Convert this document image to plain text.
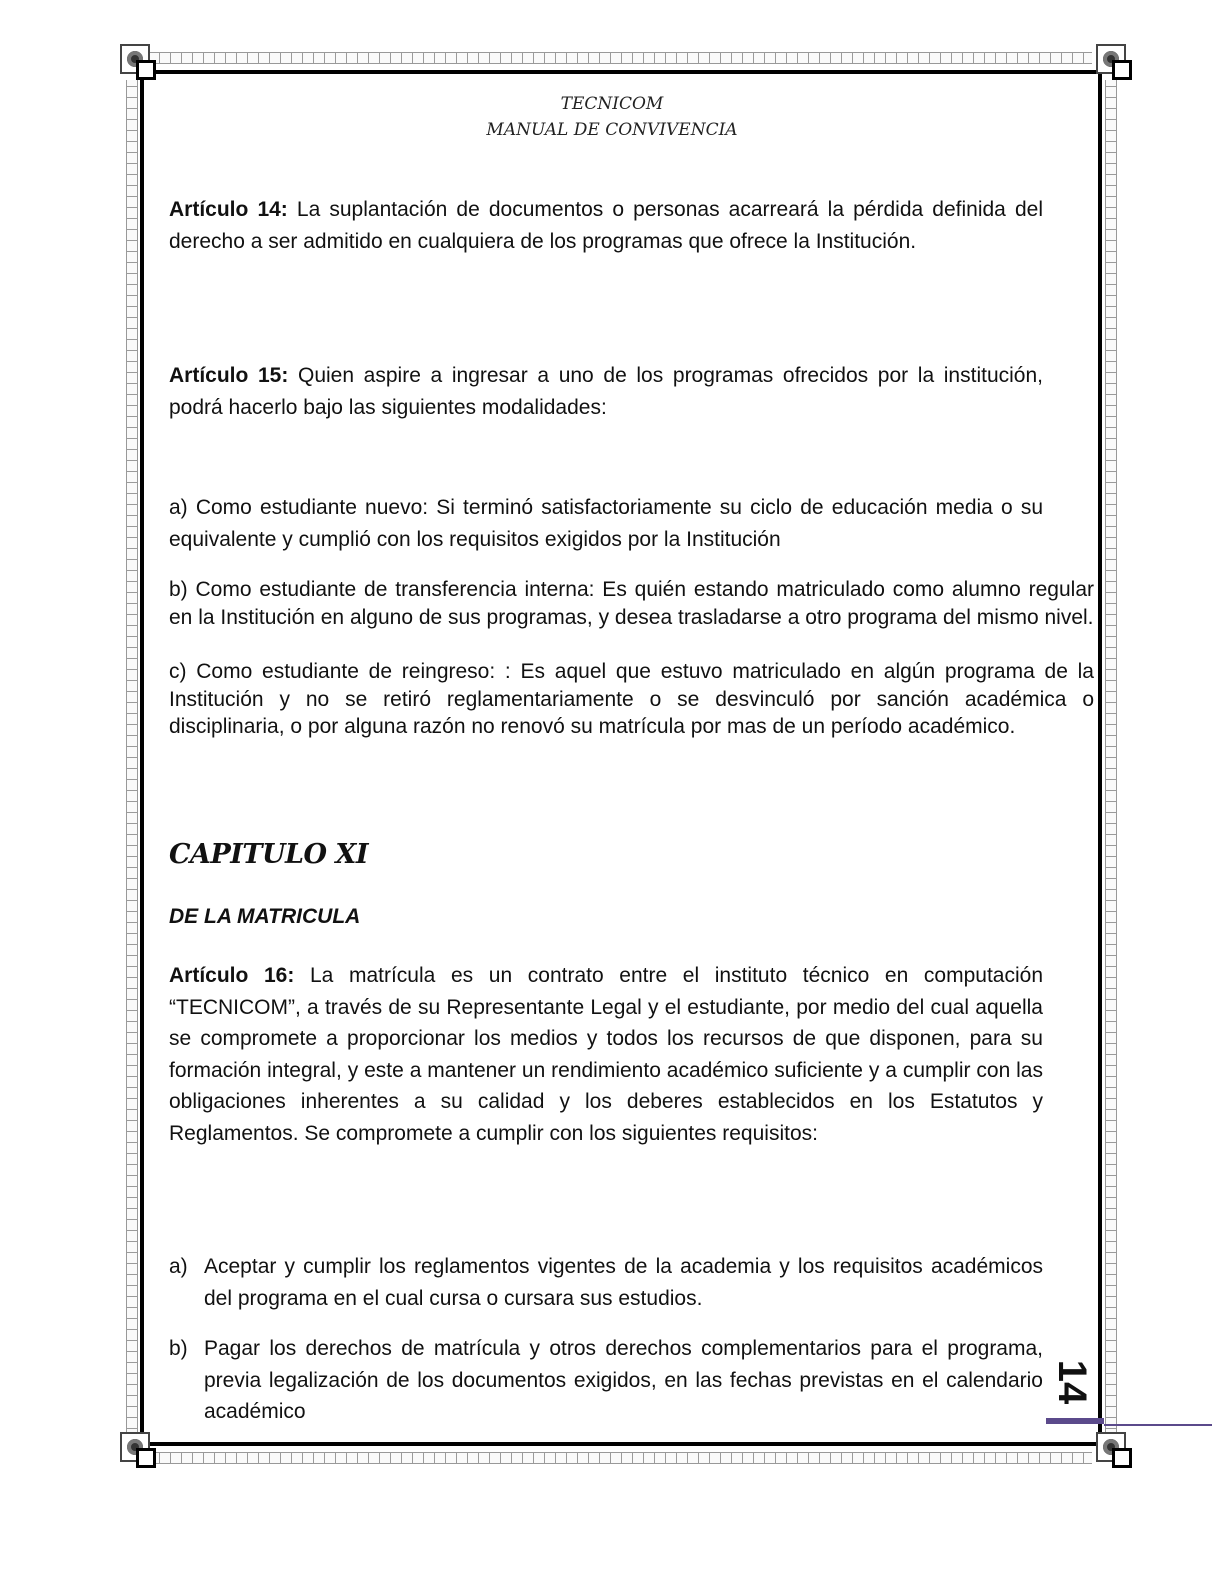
TECNICOM
MANUAL DE CONVIVENCIA

Artículo 14: La suplantación de documentos o personas acarreará la pérdida definida del derecho a ser admitido en cualquiera de los programas que ofrece la Institución.

Artículo 15: Quien aspire a ingresar a uno de los programas ofrecidos por la institución, podrá hacerlo bajo las siguientes modalidades:

a) Como estudiante nuevo: Si terminó satisfactoriamente su ciclo de educación media o su equivalente y cumplió con los requisitos exigidos por la Institución

b) Como estudiante de transferencia interna: Es quién estando matriculado como alumno regular en la Institución en alguno de sus programas, y desea trasladarse a otro programa del mismo nivel.

c) Como estudiante de reingreso: : Es aquel que estuvo matriculado en algún programa de la Institución y no se retiró reglamentariamente o se desvinculó por sanción académica o disciplinaria, o por alguna razón no renovó su matrícula por mas de un período académico.

CAPITULO XI
DE LA MATRICULA

Artículo 16: La matrícula es un contrato entre el instituto técnico en computación “TECNICOM”, a través de su Representante Legal y el estudiante, por medio del cual aquella se compromete a proporcionar los medios y todos los recursos de que disponen, para su formación integral, y este a mantener un rendimiento académico suficiente y a cumplir con las obligaciones inherentes a su calidad y los deberes establecidos en los Estatutos y Reglamentos. Se compromete a cumplir con los siguientes requisitos:

a) Aceptar y cumplir los reglamentos vigentes de la academia y los requisitos académicos del programa en el cual cursa o cursara sus estudios.
b) Pagar los derechos de matrícula y otros derechos complementarios para el programa, previa legalización de los documentos exigidos, en las fechas previstas en el calendario académico
14
